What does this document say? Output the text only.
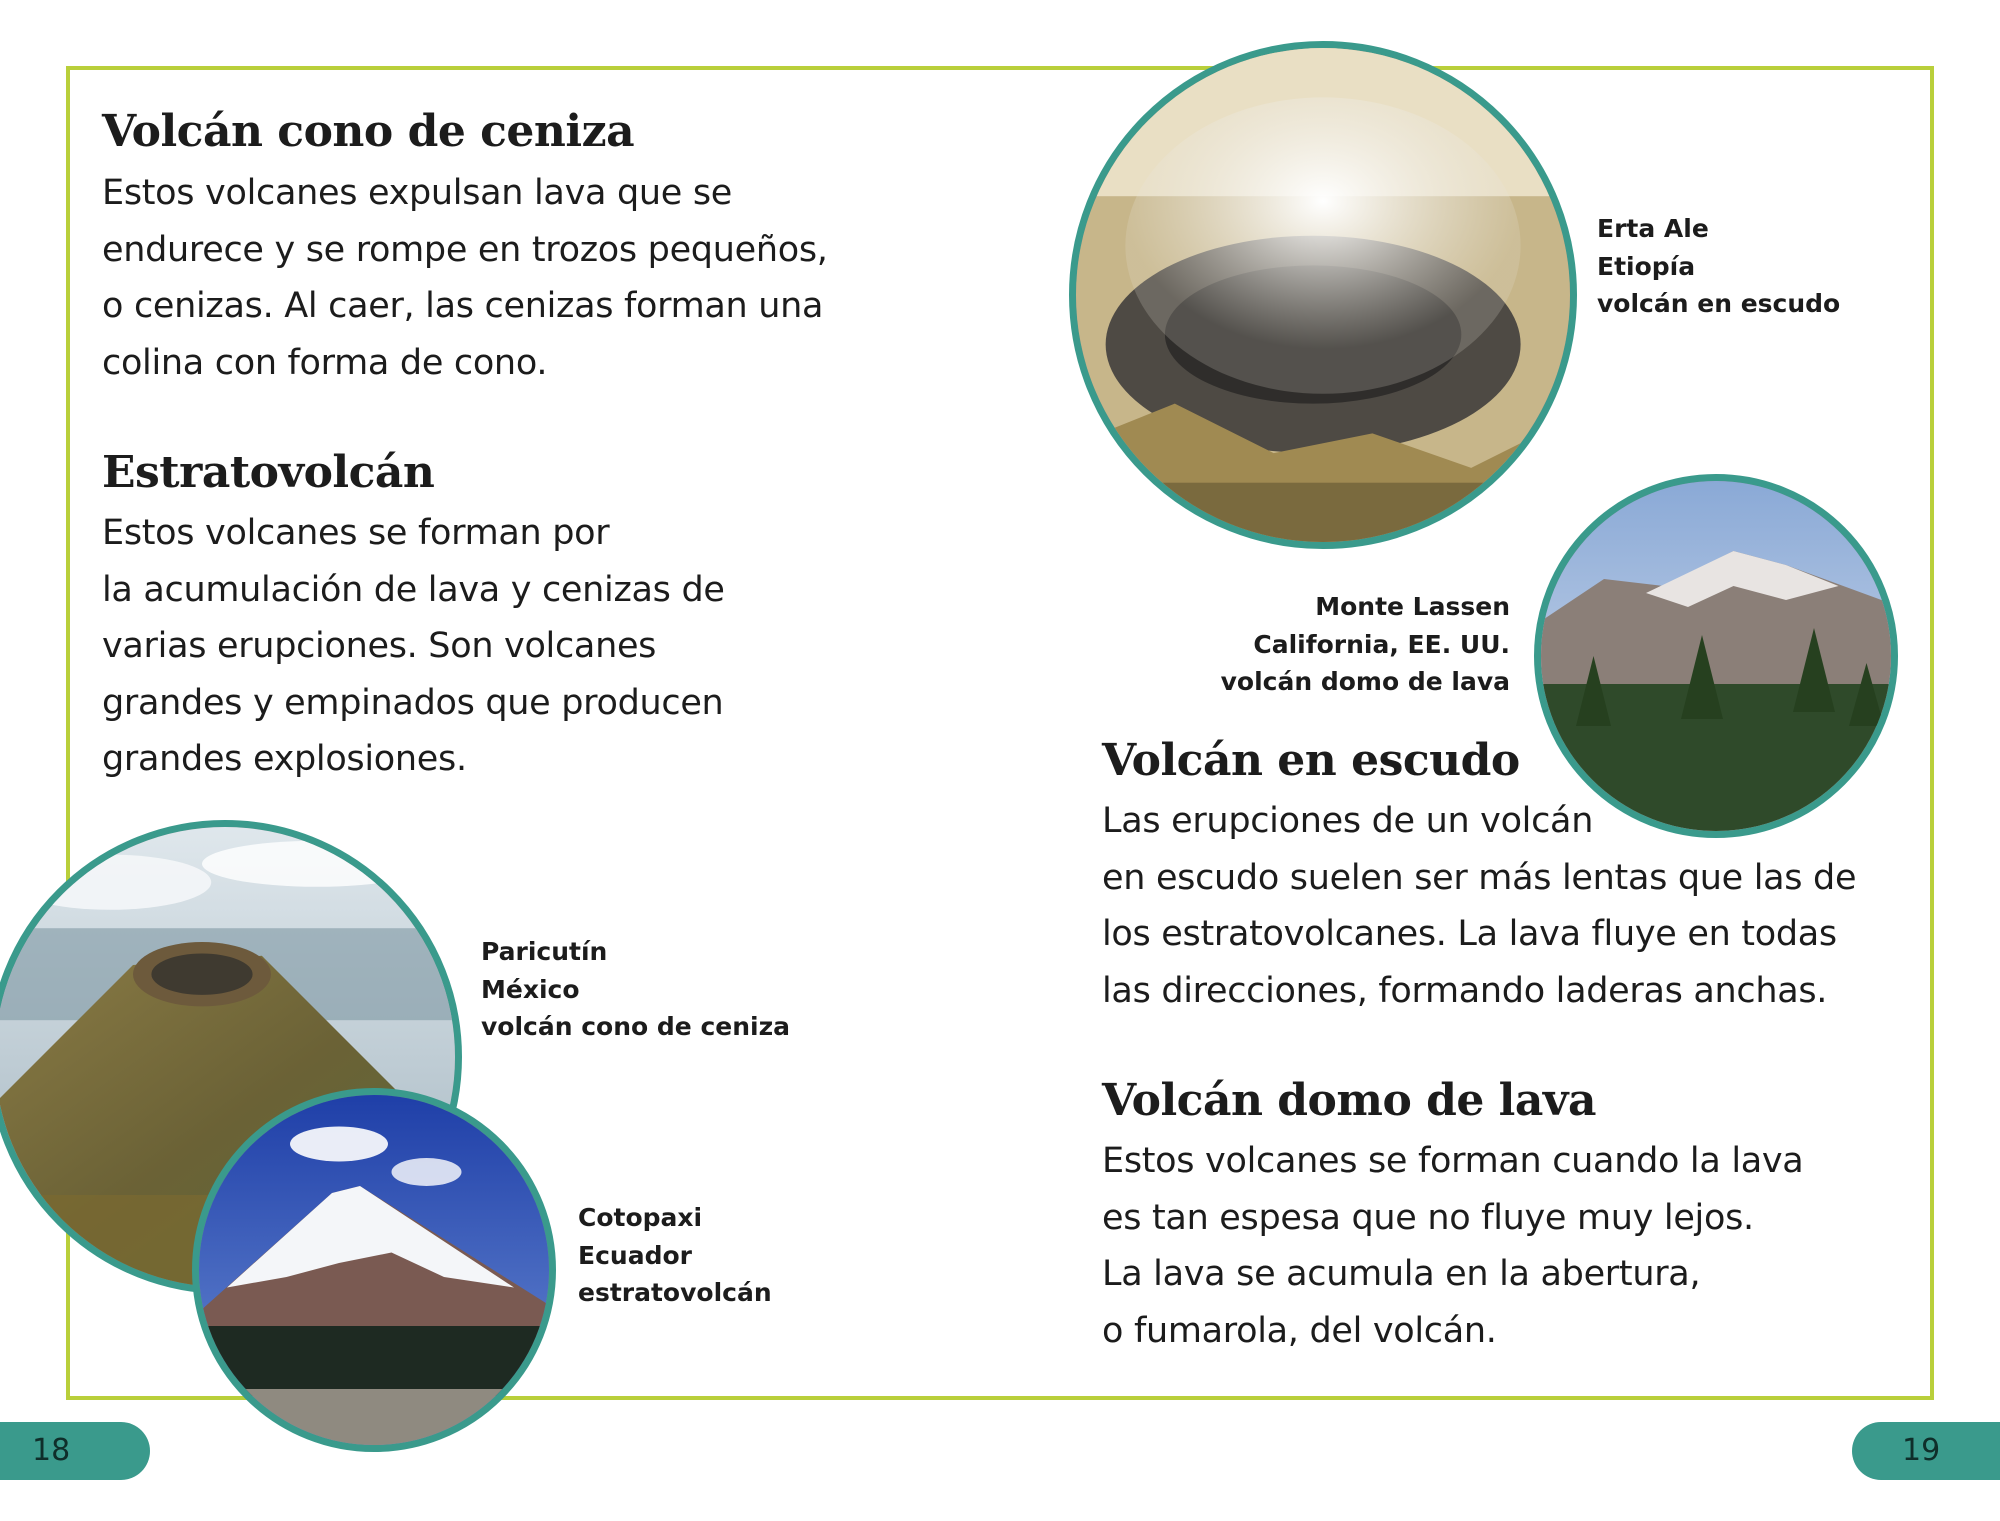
Volcán cono de ceniza
Estos volcanes expulsan lava que se
endurece y se rompe en trozos pequeños,
o cenizas. Al caer, las cenizas forman una
colina con forma de cono.
Estratovolcán
Estos volcanes se forman por
la acumulación de lava y cenizas de
varias erupciones. Son volcanes
grandes y empinados que producen
grandes explosiones.
Paricutín
México
volcán cono de ceniza
Cotopaxi
Ecuador
estratovolcán
18
Erta Ale
Etiopía
volcán en escudo
Monte Lassen
California, EE. UU.
volcán domo de lava
Volcán en escudo
Las erupciones de un volcán
en escudo suelen ser más lentas que las de
los estratovolcanes. La lava fluye en todas
las direcciones, formando laderas anchas.
Volcán domo de lava
Estos volcanes se forman cuando la lava
es tan espesa que no fluye muy lejos.
La lava se acumula en la abertura,
o fumarola, del volcán.
19
